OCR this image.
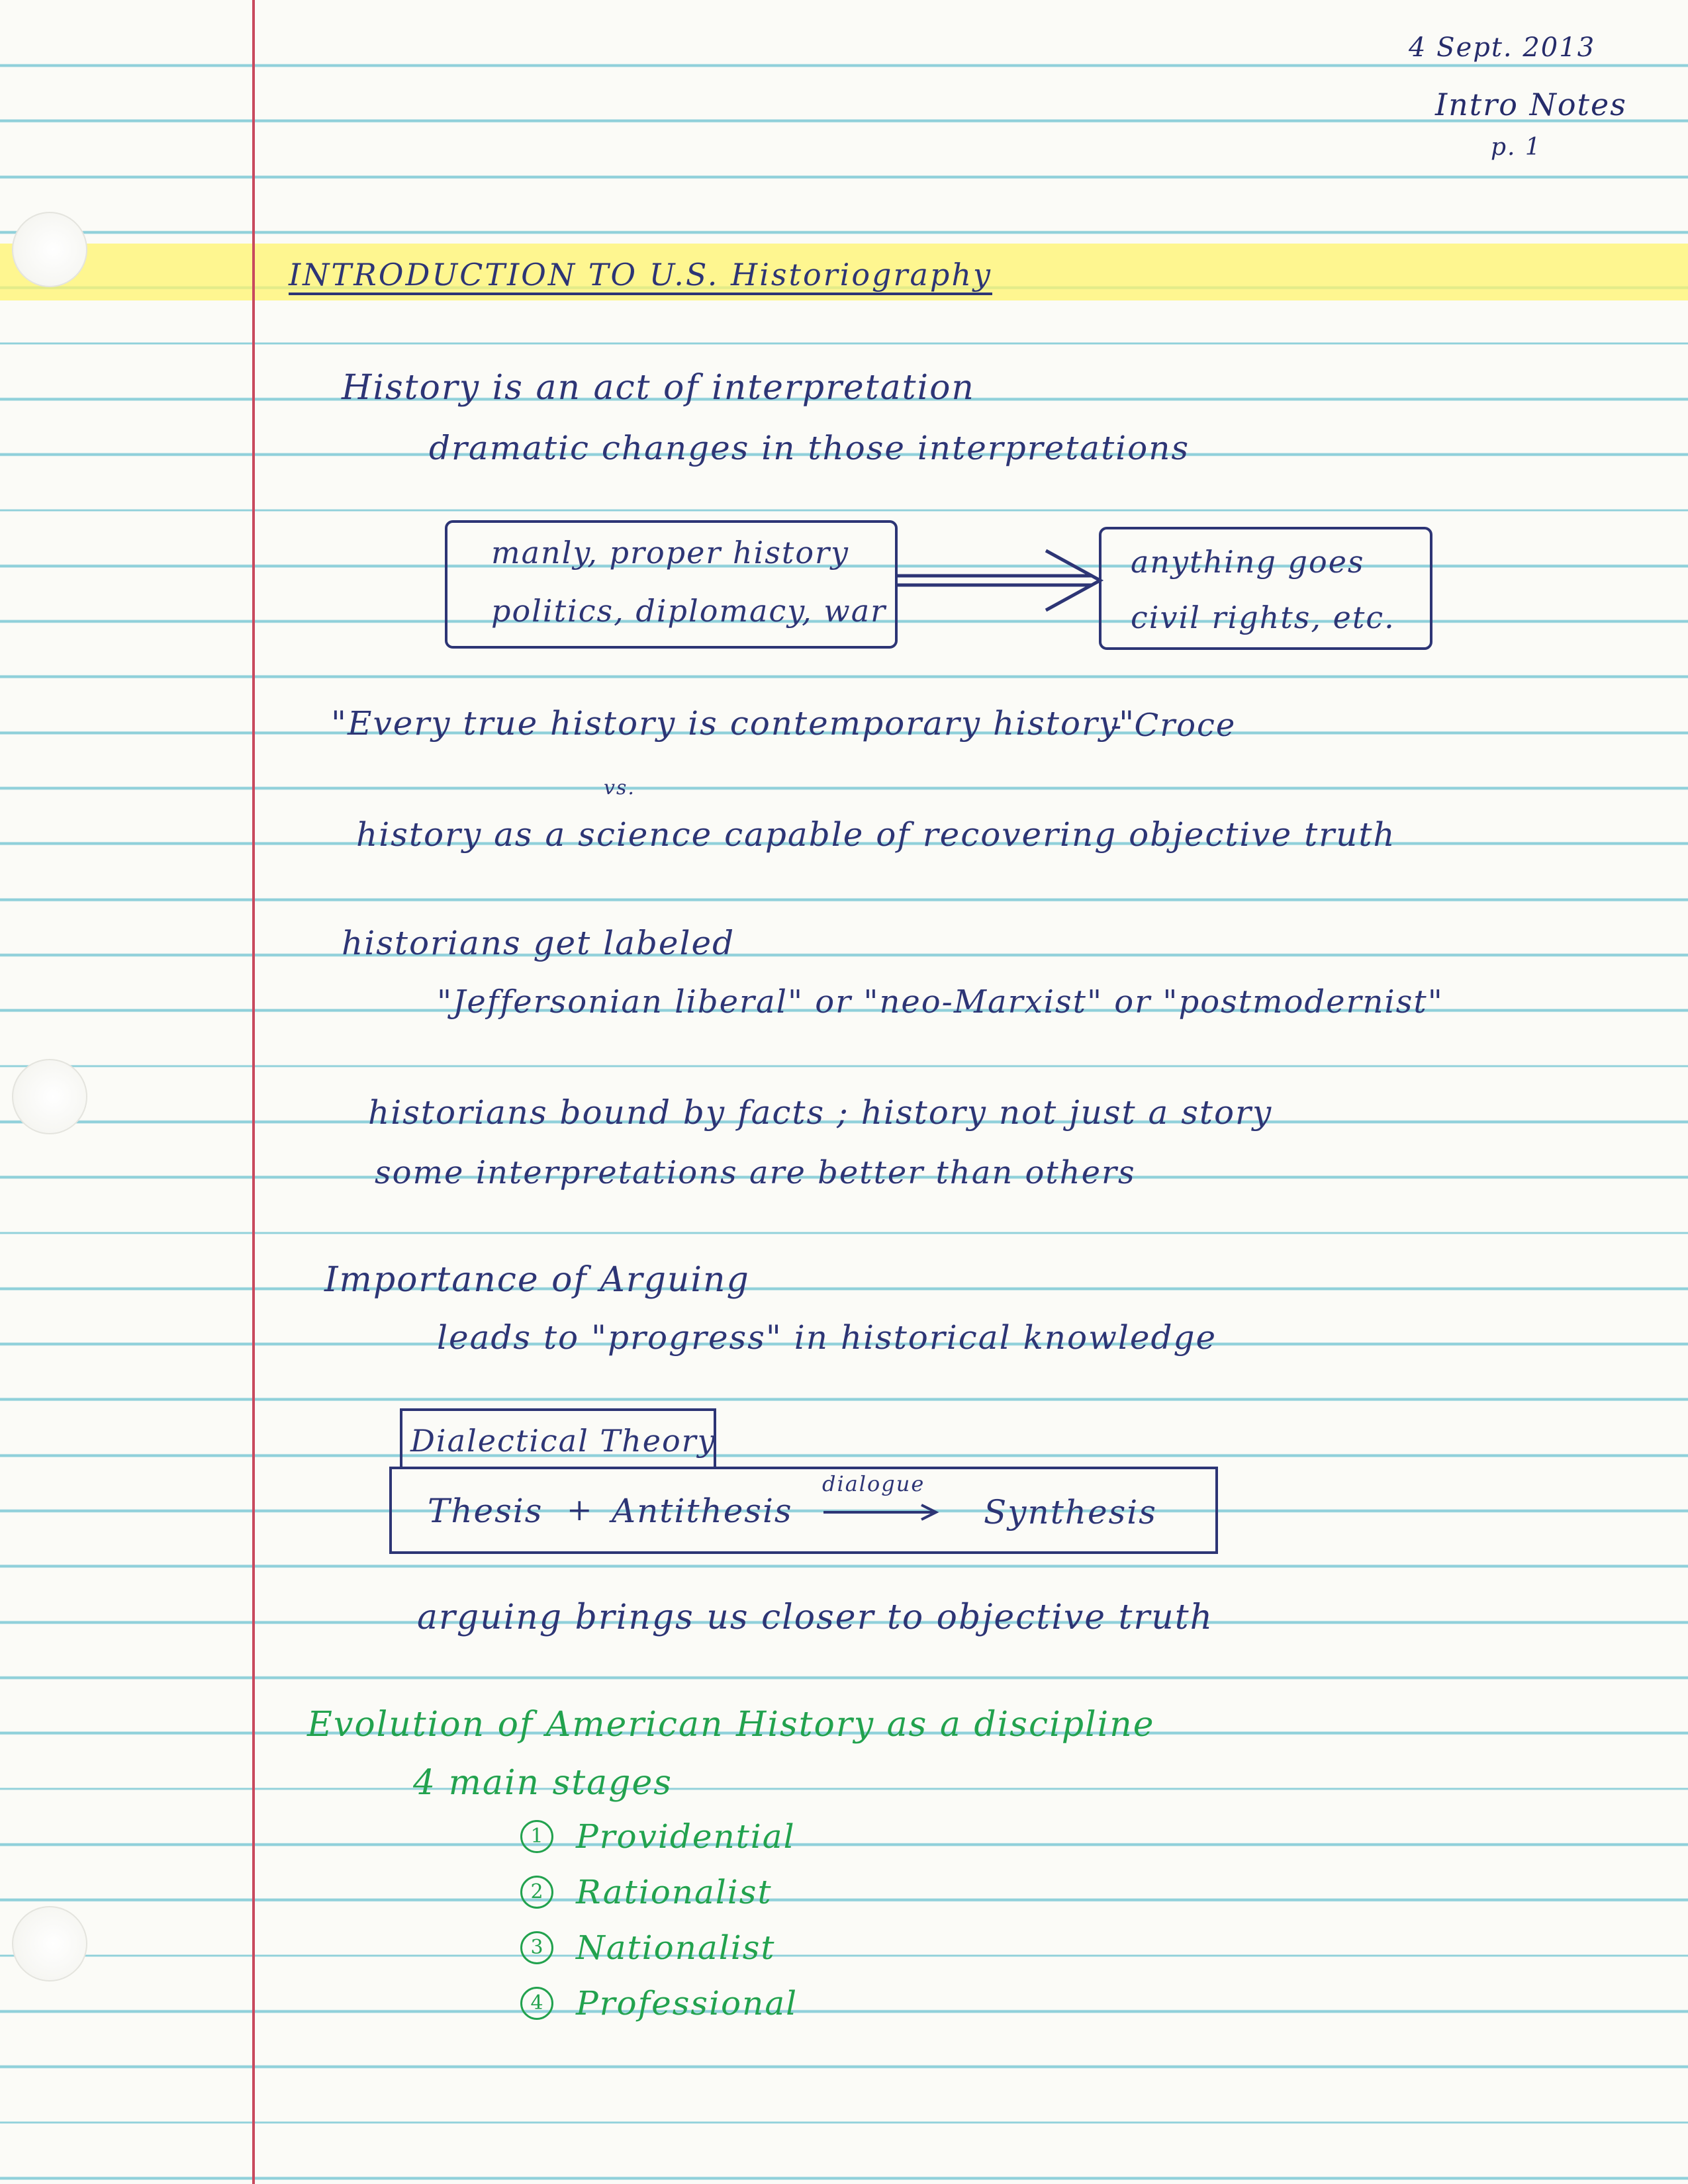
4 Sept. 2013

Intro Notes

p. 1

INTRODUCTION TO U.S. Historiography

History is an act of interpretation

dramatic changes in those interpretations

manly, proper history

politics, diplomacy, war

anything goes

civil rights, etc.

"Every true history is contemporary history"

- Croce

vs.

history as a science capable of recovering objective truth

historians get labeled

"Jeffersonian liberal" or "neo-Marxist" or "postmodernist"

historians bound by facts ; history not just a story

some interpretations are better than others

Importance of Arguing

leads to "progress" in historical knowledge

Dialectical Theory

Thesis + Antithesis

dialogue

Synthesis

arguing brings us closer to objective truth

Evolution of American History as a discipline

4 main stages

1 Providential

2 Rationalist

3 Nationalist

4 Professional
